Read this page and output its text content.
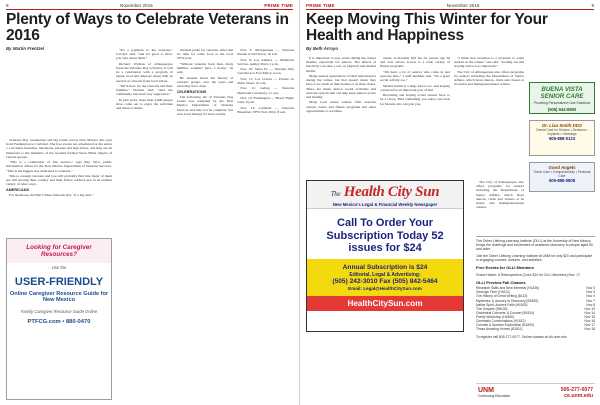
8	November 2016	PRIME TIME
Plenty of Ways to Celebrate Veterans in 2016
By Martin Frentzel

Veterans Day ceremonies and big bands across New Mexico this year from Farmington to Carlsbad. The free events are scheduled for the entire 1 1 includes brunches, luncheons, parades and sign drives, and they are all important to the members of the recently-formed Snow Birds chapter of veteran groups.

"This is a celebration of free service," says Ray Seva, public information officer for the New Mexico Department of Veterans Services. "This is the biggest day dedicated to veterans."

Talk to enough veterans and you will probably find that many of them are still serving their country and their fellow soldiers just in an endless variety of other ways.

AMERICANS

For Anderson, the Bell Ulman Veterans Day "is a big deal."

"It's a payment to the veterans," Carolyn said, "and it's good to show you care about them."

Richard Wyman of Albuquerque hosts the Veterans Day activities. It will be a celebration with a program of bands, food and displays along with an auction of artwork from local artists.

"We're here for the veterans and their families," Wyman said. "And the community has been very supportive."

In past years, more than 4,000 people have come out to enjoy the activities and listen to music.

checked parks for veterans. After that it's time for some food at the local VFW post.

"Without veterans back then, many families wouldn't have a home," he said.

He learned about the history of veterans groups over the years and what they have done.

CELEBRATIONS

The following list of Veterans Day events was compiled by the New Mexico Department of Veterans Services and may not be complete. See your local listings for more events.

Nov. 5: Albuquerque — Veterans Parade at Old Town, 10 a.m.

Nov. 6: Los Alamos — Memorial Service, Ashley Pond, 2 p.m.

Nov. 10: Santa Fe — Veterans Day Luncheon at Fort Marcy, noon.

Nov. 11: Las Cruces — Parade on Main Street, 10 a.m.

Nov. 11: Gallup — Veterans Memorial Ceremony, 11 a.m.

Nov. 12: Farmington — Honor Flight Gala, 6 p.m.

Nov. 13: Carlsbad — Veterans Breakfast, VFW Post 2910, 8 a.m.

Looking for Caregiver Resources?
Use the
USER-FRIENDLY
Online Caregiver Resource Guide for New Mexico
Family Caregiver Resource Guide Online
PTFCG.com • 880-0470
PRIME TIME	November 2016	9
Keep Moving This Winter for Your Health and Happiness
By Beth Arroyo

It is important to stay active during the winter months, especially for seniors. The effects of inactivity can take a toll on physical and mental health.

Many seniors spend more of their time indoors during the winter, but that doesn't mean they have to be stuck in their homes or in their chairs. There are many indoor social activities and exercise options that can help keep seniors active and healthy.

Many local senior centers offer exercise classes, dance and fitness programs and other opportunities to socialize.

center. A monthly $10 fee for people age 50 and over allows access to a wide variety of fitness programs.

"We have a lot of seniors who come in and exercise here," a staff member said. "It's a great social activity too."

Mental health is a huge factor too, and staying connected is an important part of that.

Becoming and staying active doesn't have to be a chore. Find something you enjoy and look for friends who can join you.

"I think that isolation is a problem to some seniors in the winter," she said. "Getting out and staying active is so important."

The City of Albuquerque also offers programs for seniors including the Department of Senior Affairs, which hosts dances, clubs and classes at its senior and multigenerational centers.

The City of Albuquerque also offers programs for seniors including the Department of Senior Affairs, which hosts dances, clubs and classes at its senior and multigenerational centers.

BUENA VISTA SENIOR CARE
Providing Personalized Care Solutions
(505) 944-6900
Dr. Lisa Smith DDS
Dental Care for Seniors • Dentures • Implants • Cleanings
505-888-0123
Good Angels
Home Care • Companionship • Personal Care
505-888-0808
The Health City Sun
New Mexico's Legal & Financial Weekly Newspaper
Call To Order Your Subscription Today 52 issues for $24
Annual Subscription is $24
Editorial, Legal & Advertising:
(505) 242-3010 Fax (505) 842-5464
Email: Legal@HealthCitySun.com
HealthCitySun.com
The Osher Lifelong Learning Institute (OLLI) at the University of New Mexico brings the challenge and excitement of academic discovery to people aged 50 and older.
Join the Osher Lifelong Learning Institute at UNM for only $20 and participate in engaging courses, lectures, and activities.
Free Events for OLLI Members
Grand Haven: A Retrospective (Cost: $10 for OLLI Members) Nov. 17
OLLI Preview Fall Classes
Research Skills and New Interests (H1336)	Nov 3
Geologic Time (H1612)	Nov 3
The History of Great Writing (B113)	Nov 4
Mysteries: A Journey to Discovery (B1809)	Nov 7
Native Spirit, Ancient Faith (H1803)	Nov 8
The Gospels (H6105)	Nov 10
Orchestral Concerts: A Concert (B1810)	Nov 14
Poetry Workshop (H1806)	Nov 15
Cinematic Conversations (H1812)	Nov 16
Colonial & Spanish Exploration (B1809)	Nov 17
Those Amazing Horses (B1811)	Nov 18
To register call 505-277-0077. Online classes at olli.unm.edu
UNM
Continuing Education
505-277-0077
ce.unm.edu
